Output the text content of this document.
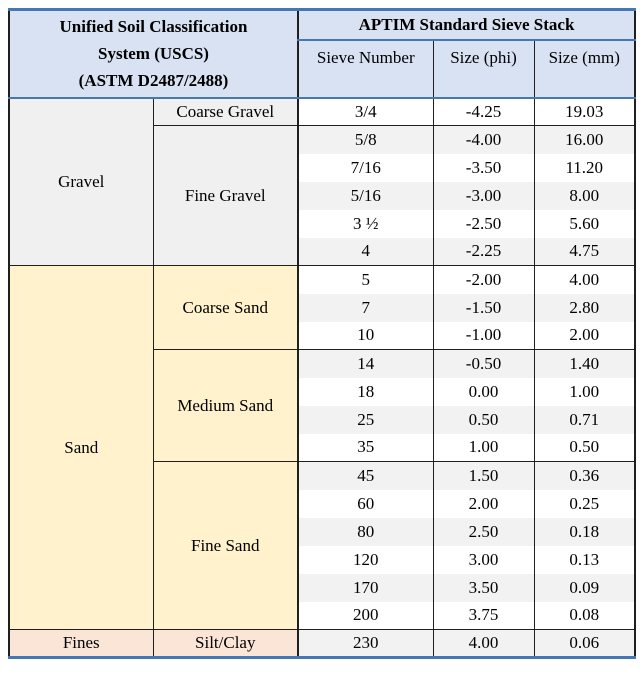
Unified Soil Classification
System (USCS)
(ASTM D2487/2488)		APTIM Standard Sieve Stack		
		Sieve Number	Size (phi)	Size (mm)
Gravel	Coarse Gravel	3/4	-4.25	19.03
	Fine Gravel	5/8	-4.00	16.00
		7/16	-3.50	11.20
		5/16	-3.00	8.00
		3 ½	-2.50	5.60
		4	-2.25	4.75
Sand	Coarse Sand	5	-2.00	4.00
		7	-1.50	2.80
		10	-1.00	2.00
	Medium Sand	14	-0.50	1.40
		18	0.00	1.00
		25	0.50	0.71
		35	1.00	0.50
	Fine Sand	45	1.50	0.36
		60	2.00	0.25
		80	2.50	0.18
		120	3.00	0.13
		170	3.50	0.09
		200	3.75	0.08
Fines	Silt/Clay	230	4.00	0.06
